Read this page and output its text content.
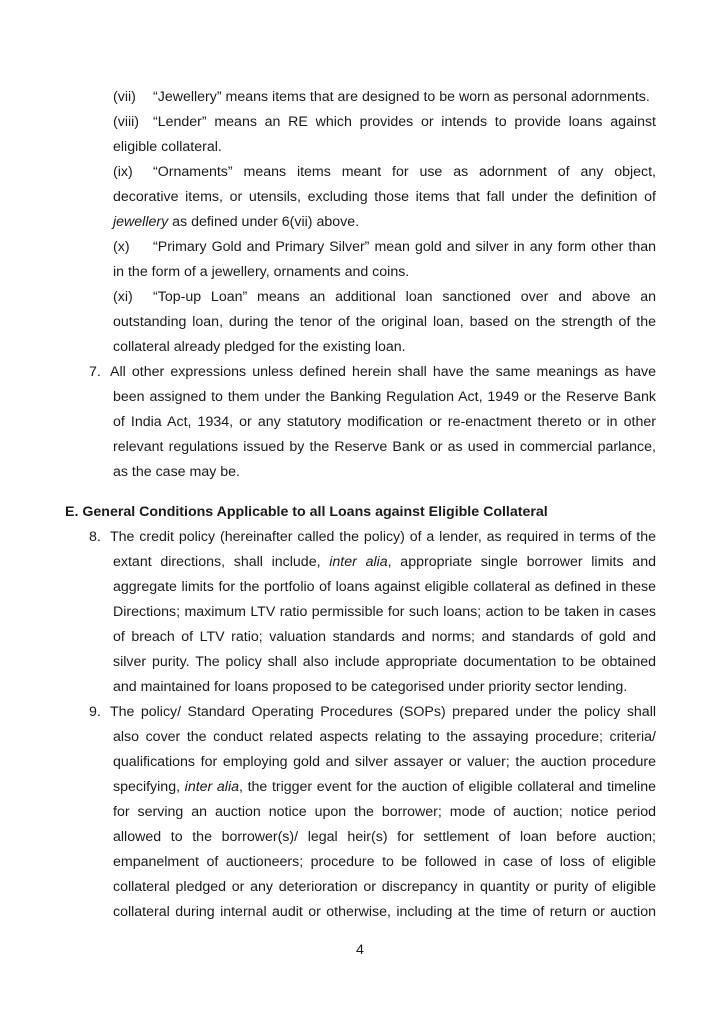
(vii) “Jewellery” means items that are designed to be worn as personal adornments.
(viii) “Lender” means an RE which provides or intends to provide loans against
eligible collateral.
(ix) “Ornaments” means items meant for use as adornment of any object,
decorative items, or utensils, excluding those items that fall under the definition of
jewellery as defined under 6(vii) above.
(x) “Primary Gold and Primary Silver” mean gold and silver in any form other than
in the form of a jewellery, ornaments and coins.
(xi) “Top-up Loan” means an additional loan sanctioned over and above an
outstanding loan, during the tenor of the original loan, based on the strength of the
collateral already pledged for the existing loan.
7. All other expressions unless defined herein shall have the same meanings as have
been assigned to them under the Banking Regulation Act, 1949 or the Reserve Bank
of India Act, 1934, or any statutory modification or re-enactment thereto or in other
relevant regulations issued by the Reserve Bank or as used in commercial parlance,
as the case may be.
E. General Conditions Applicable to all Loans against Eligible Collateral
8. The credit policy (hereinafter called the policy) of a lender, as required in terms of the
extant directions, shall include, inter alia, appropriate single borrower limits and
aggregate limits for the portfolio of loans against eligible collateral as defined in these
Directions; maximum LTV ratio permissible for such loans; action to be taken in cases
of breach of LTV ratio; valuation standards and norms; and standards of gold and
silver purity. The policy shall also include appropriate documentation to be obtained
and maintained for loans proposed to be categorised under priority sector lending.
9. The policy/ Standard Operating Procedures (SOPs) prepared under the policy shall
also cover the conduct related aspects relating to the assaying procedure; criteria/
qualifications for employing gold and silver assayer or valuer; the auction procedure
specifying, inter alia, the trigger event for the auction of eligible collateral and timeline
for serving an auction notice upon the borrower; mode of auction; notice period
allowed to the borrower(s)/ legal heir(s) for settlement of loan before auction;
empanelment of auctioneers; procedure to be followed in case of loss of eligible
collateral pledged or any deterioration or discrepancy in quantity or purity of eligible
collateral during internal audit or otherwise, including at the time of return or auction
4
